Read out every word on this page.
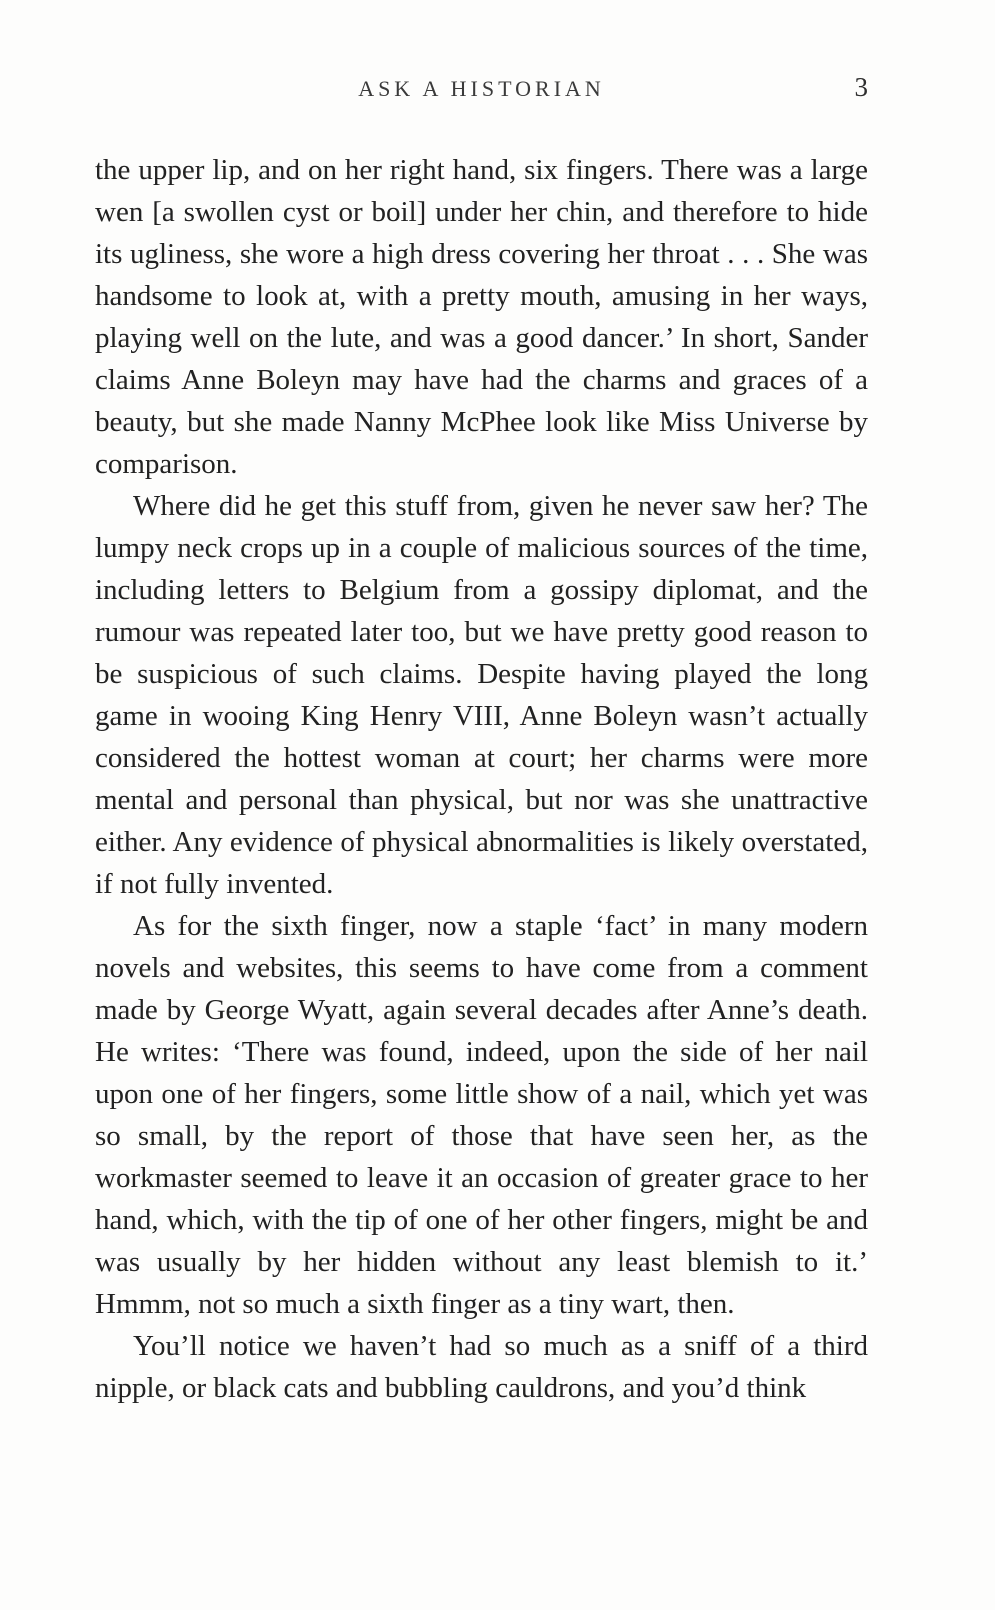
ASK A HISTORIAN	3

the upper lip, and on her right hand, six fingers. There was a large wen [a swollen cyst or boil] under her chin, and therefore to hide its ugliness, she wore a high dress covering her throat . . . She was handsome to look at, with a pretty mouth, amusing in her ways, playing well on the lute, and was a good dancer.’ In short, Sander claims Anne Boleyn may have had the charms and graces of a beauty, but she made Nanny McPhee look like Miss Universe by comparison.

Where did he get this stuff from, given he never saw her? The lumpy neck crops up in a couple of malicious sources of the time, including letters to Belgium from a gossipy diplomat, and the rumour was repeated later too, but we have pretty good reason to be suspicious of such claims. Despite having played the long game in wooing King Henry VIII, Anne Boleyn wasn’t actually considered the hottest woman at court; her charms were more mental and personal than physical, but nor was she unattractive either. Any evidence of physical abnormalities is likely overstated, if not fully invented.

As for the sixth finger, now a staple ‘fact’ in many modern novels and websites, this seems to have come from a comment made by George Wyatt, again several decades after Anne’s death. He writes: ‘There was found, indeed, upon the side of her nail upon one of her fingers, some little show of a nail, which yet was so small, by the report of those that have seen her, as the workmaster seemed to leave it an occasion of greater grace to her hand, which, with the tip of one of her other fingers, might be and was usually by her hidden without any least blemish to it.’ Hmmm, not so much a sixth finger as a tiny wart, then.

You’ll notice we haven’t had so much as a sniff of a third nipple, or black cats and bubbling cauldrons, and you’d think
